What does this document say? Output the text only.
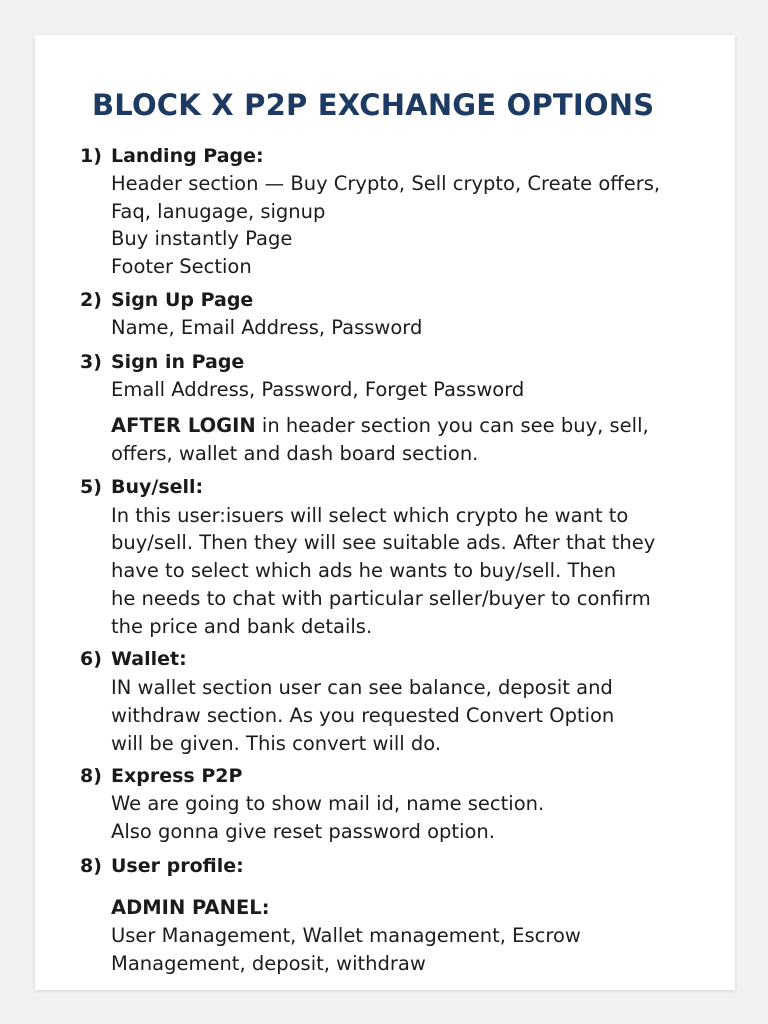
BLOCK X P2P EXCHANGE OPTIONS
1) Landing Page:
Header section — Buy Crypto, Sell crypto, Create offers,
Faq, lanugage, signup
Buy instantly Page
Footer Section
2) Sign Up Page
Name, Email Address, Password
3) Sign in Page
Emall Address, Password, Forget Password
AFTER LOGIN in header section you can see buy, sell,
offers, wallet and dash board section.
5) Buy/sell:
In this user:isuers will select which crypto he want to
buy/sell. Then they will see suitable ads. After that they
have to select which ads he wants to buy/sell. Then
he needs to chat with particular seller/buyer to confirm
the price and bank details.
6) Wallet:
IN wallet section user can see balance, deposit and
withdraw section. As you requested Convert Option
will be given. This convert will do.
8) Express P2P
We are going to show mail id, name section.
Also gonna give reset password option.
8) User profile:
ADMIN PANEL:
User Management, Wallet management, Escrow
Management, deposit, withdraw
